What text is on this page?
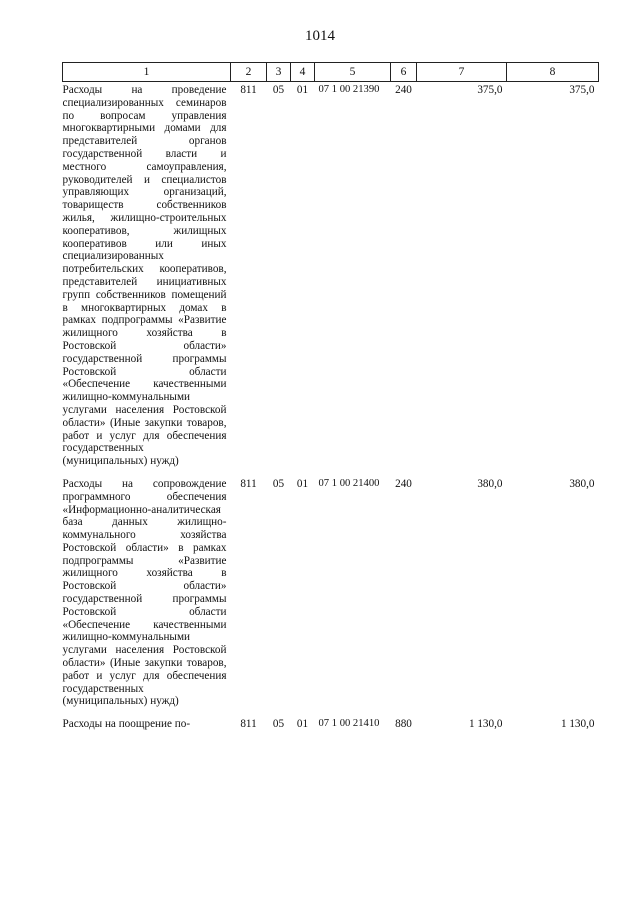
1014
1	2	3	4	5	6	7	8
Расходы на проведение специализированных семинаров по вопросам управления многоквартирными домами для представителей органов государственной власти и местного самоуправления, руководителей и специалистов управляющих организаций, товариществ собственников жилья, жилищно-строительных кооперативов, жилищных кооперативов или иных специализированных потребительских кооперативов, представителей инициативных групп собственников помещений в многоквартирных домах в рамках подпрограммы «Развитие жилищного хозяйства в Ростовской области» государственной программы Ростовской области «Обеспечение качественными жилищно-коммунальными услугами населения Ростовской области» (Иные закупки товаров, работ и услуг для обеспечения государственных (муниципальных) нужд)	811	05	01	07 1 00 21390	240	375,0	375,0
Расходы на сопровождение программного обеспечения «Информационно-аналитическая база данных жилищно-коммунального хозяйства Ростовской области» в рамках подпрограммы «Развитие жилищного хозяйства в Ростовской области» государственной программы Ростовской области «Обеспечение качественными жилищно-коммунальными услугами населения Ростовской области» (Иные закупки товаров, работ и услуг для обеспечения государственных (муниципальных) нужд)	811	05	01	07 1 00 21400	240	380,0	380,0
Расходы на поощрение по-	811	05	01	07 1 00 21410	880	1 130,0	1 130,0
